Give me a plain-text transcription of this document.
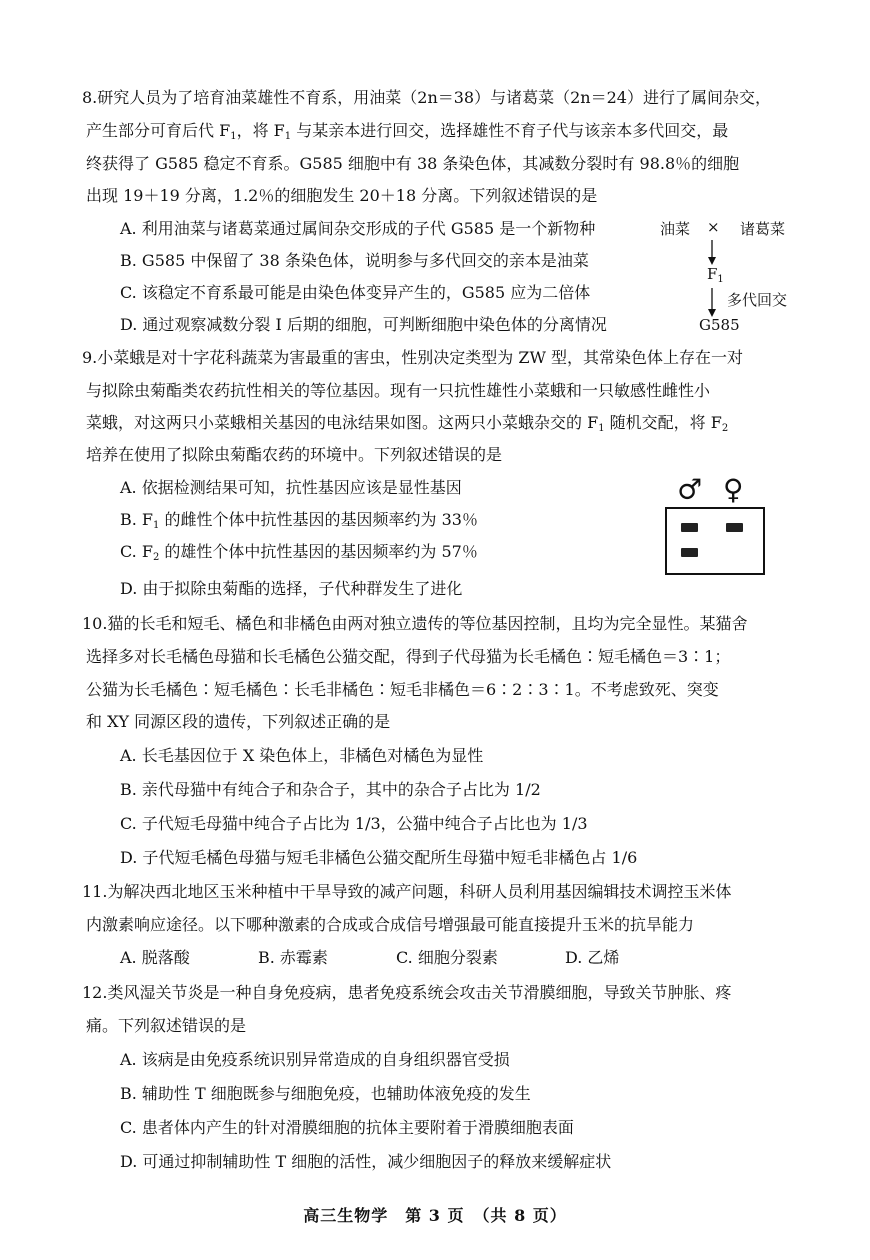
8.研究人员为了培育油菜雄性不育系，用油菜（2n＝38）与诸葛菜（2n＝24）进行了属间杂交，
产生部分可育后代 $F_1$，将 $F_1$ 与某亲本进行回交，选择雄性不育子代与该亲本多代回交，最
终获得了 G585 稳定不育系。G585 细胞中有 38 条染色体，其减数分裂时有 98.8％的细胞
出现 19＋19 分离，1.2％的细胞发生 20＋18 分离。下列叙述错误的是
A. 利用油菜与诸葛菜通过属间杂交形成的子代 G585 是一个新物种
B. G585 中保留了 38 条染色体，说明参与多代回交的亲本是油菜
C. 该稳定不育系最可能是由染色体变异产生的，G585 应为二倍体
D. 通过观察减数分裂 Ⅰ 后期的细胞，可判断细胞中染色体的分离情况
油菜 × 诸葛菜
$F_1$
多代回交
G585
9.小菜蛾是对十字花科蔬菜为害最重的害虫，性别决定类型为 ZW 型，其常染色体上存在一对
与拟除虫菊酯类农药抗性相关的等位基因。现有一只抗性雄性小菜蛾和一只敏感性雌性小
菜蛾，对这两只小菜蛾相关基因的电泳结果如图。这两只小菜蛾杂交的 $F_1$ 随机交配，将 $F_2$
培养在使用了拟除虫菊酯农药的环境中。下列叙述错误的是
A. 依据检测结果可知，抗性基因应该是显性基因
B. $F_1$ 的雌性个体中抗性基因的基因频率约为 33％
C. $F_2$ 的雄性个体中抗性基因的基因频率约为 57％
D. 由于拟除虫菊酯的选择，子代种群发生了进化
♂ ♀
10.猫的长毛和短毛、橘色和非橘色由两对独立遗传的等位基因控制，且均为完全显性。某猫舍
选择多对长毛橘色母猫和长毛橘色公猫交配，得到子代母猫为长毛橘色∶短毛橘色＝3∶1；
公猫为长毛橘色∶短毛橘色∶长毛非橘色∶短毛非橘色＝6∶2∶3∶1。不考虑致死、突变
和 XY 同源区段的遗传，下列叙述正确的是
A. 长毛基因位于 X 染色体上，非橘色对橘色为显性
B. 亲代母猫中有纯合子和杂合子，其中的杂合子占比为 1/2
C. 子代短毛母猫中纯合子占比为 1/3，公猫中纯合子占比也为 1/3
D. 子代短毛橘色母猫与短毛非橘色公猫交配所生母猫中短毛非橘色占 1/6
11.为解决西北地区玉米种植中干旱导致的减产问题，科研人员利用基因编辑技术调控玉米体
内激素响应途径。以下哪种激素的合成或合成信号增强最可能直接提升玉米的抗旱能力
A. 脱落酸	B. 赤霉素	C. 细胞分裂素	D. 乙烯
12.类风湿关节炎是一种自身免疫病，患者免疫系统会攻击关节滑膜细胞，导致关节肿胀、疼
痛。下列叙述错误的是
A. 该病是由免疫系统识别异常造成的自身组织器官受损
B. 辅助性 T 细胞既参与细胞免疫，也辅助体液免疫的发生
C. 患者体内产生的针对滑膜细胞的抗体主要附着于滑膜细胞表面
D. 可通过抑制辅助性 T 细胞的活性，减少细胞因子的释放来缓解症状
高三生物学　第 3 页　（共 8 页）
